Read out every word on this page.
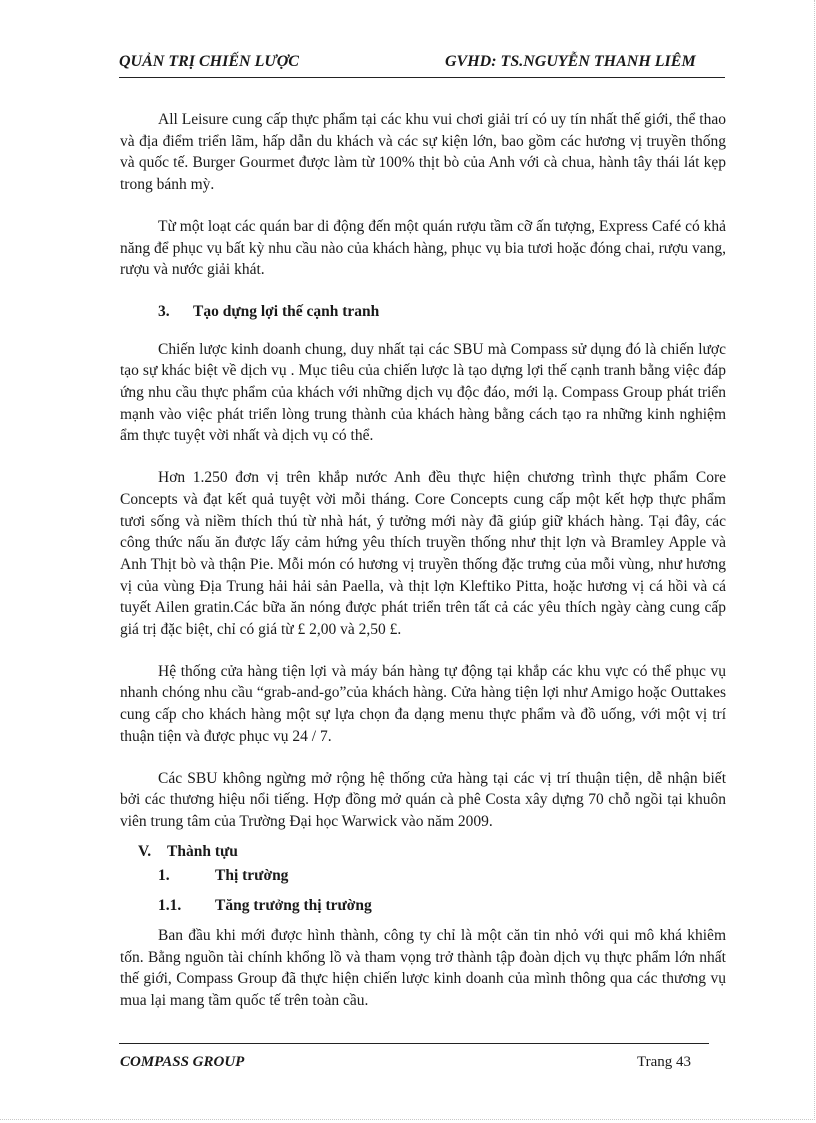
QUẢN TRỊ CHIẾN LƯỢC	GVHD: TS.NGUYỄN THANH LIÊM

All Leisure cung cấp thực phẩm tại các khu vui chơi giải trí có uy tín nhất thế giới, thể thao và địa điểm triển lãm, hấp dẫn du khách và các sự kiện lớn, bao gồm các hương vị truyền thống và quốc tế. Burger Gourmet được làm từ 100% thịt bò của Anh với cà chua, hành tây thái lát kẹp trong bánh mỳ.

Từ một loạt các quán bar di động đến một quán rượu tầm cỡ ấn tượng, Express Café có khả năng để phục vụ bất kỳ nhu cầu nào của khách hàng, phục vụ bia tươi hoặc đóng chai, rượu vang, rượu và nước giải khát.

3.	Tạo dựng lợi thế cạnh tranh

Chiến lược kinh doanh chung, duy nhất tại các SBU mà Compass sử dụng đó là chiến lược tạo sự khác biệt về dịch vụ . Mục tiêu của chiến lược là tạo dựng lợi thế cạnh tranh bằng việc đáp ứng nhu cầu thực phẩm của khách với những dịch vụ độc đáo, mới lạ. Compass Group phát triển mạnh vào việc phát triển lòng trung thành của khách hàng bằng cách tạo ra những kinh nghiệm ẩm thực tuyệt vời nhất và dịch vụ có thể.

Hơn 1.250 đơn vị trên khắp nước Anh đều thực hiện chương trình thực phẩm Core Concepts và đạt kết quả tuyệt vời mỗi tháng. Core Concepts cung cấp một kết hợp thực phẩm tươi sống và niềm thích thú từ nhà hát, ý tưởng mới này đã giúp giữ khách hàng. Tại đây, các công thức nấu ăn được lấy cảm hứng yêu thích truyền thống như thịt lợn và Bramley Apple và Anh Thịt bò và thận Pie. Mỗi món có hương vị truyền thống đặc trưng của mỗi vùng, như hương vị của vùng Địa Trung hải hải sản Paella, và thịt lợn Kleftiko Pitta, hoặc hương vị cá hồi và cá tuyết Ailen gratin.Các bữa ăn nóng được phát triển trên tất cả các yêu thích ngày càng cung cấp giá trị đặc biệt, chỉ có giá từ £ 2,00 và 2,50 £.

Hệ thống cửa hàng tiện lợi và máy bán hàng tự động tại khắp các khu vực có thể phục vụ nhanh chóng nhu cầu “grab-and-go”của khách hàng. Cửa hàng tiện lợi như Amigo hoặc Outtakes cung cấp cho khách hàng một sự lựa chọn đa dạng menu thực phẩm và đồ uống, với một vị trí thuận tiện và được phục vụ 24 / 7.

Các SBU không ngừng mở rộng hệ thống cửa hàng tại các vị trí thuận tiện, dễ nhận biết bởi các thương hiệu nổi tiếng. Hợp đồng mở quán cà phê Costa xây dựng 70 chỗ ngồi tại khuôn viên trung tâm của Trường Đại học Warwick vào năm 2009.

V.	Thành tựu
1.	Thị trường
1.1.	Tăng trưởng thị trường

Ban đầu khi mới được hình thành, công ty chỉ là một căn tin nhỏ với qui mô khá khiêm tốn. Bằng nguồn tài chính khổng lồ và tham vọng trở thành tập đoàn dịch vụ thực phẩm lớn nhất thế giới, Compass Group đã thực hiện chiến lược kinh doanh của mình thông qua các thương vụ mua lại mang tầm quốc tế trên toàn cầu.

COMPASS GROUP	Trang 43
